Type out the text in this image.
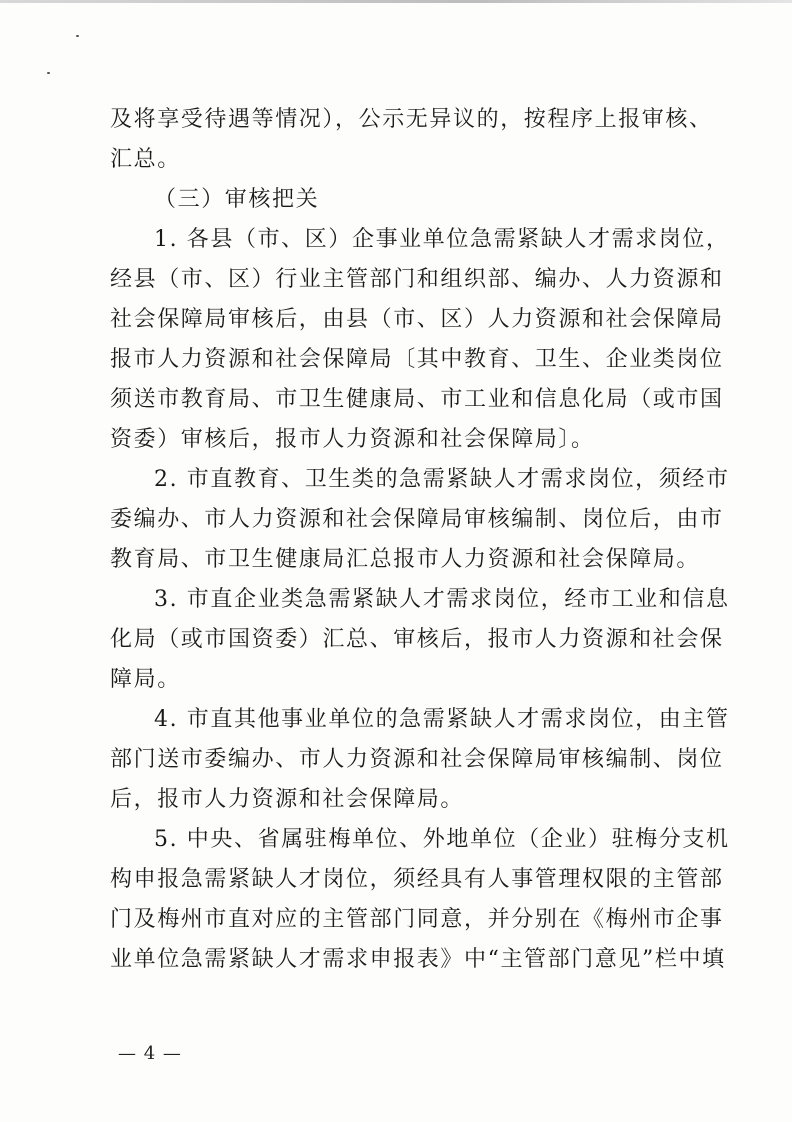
及将享受待遇等情况），公示无异议的，按程序上报审核、
汇总。
（三）审核把关
1. 各县（市、区）企事业单位急需紧缺人才需求岗位，
经县（市、区）行业主管部门和组织部、编办、人力资源和
社会保障局审核后，由县（市、区）人力资源和社会保障局
报市人力资源和社会保障局〔其中教育、卫生、企业类岗位
须送市教育局、市卫生健康局、市工业和信息化局（或市国
资委）审核后，报市人力资源和社会保障局〕。
2. 市直教育、卫生类的急需紧缺人才需求岗位，须经市
委编办、市人力资源和社会保障局审核编制、岗位后，由市
教育局、市卫生健康局汇总报市人力资源和社会保障局。
3. 市直企业类急需紧缺人才需求岗位，经市工业和信息
化局（或市国资委）汇总、审核后，报市人力资源和社会保
障局。
4. 市直其他事业单位的急需紧缺人才需求岗位，由主管
部门送市委编办、市人力资源和社会保障局审核编制、岗位
后，报市人力资源和社会保障局。
5. 中央、省属驻梅单位、外地单位（企业）驻梅分支机
构申报急需紧缺人才岗位，须经具有人事管理权限的主管部
门及梅州市直对应的主管部门同意，并分别在《梅州市企事
业单位急需紧缺人才需求申报表》中“主管部门意见”栏中填
— 4 —
